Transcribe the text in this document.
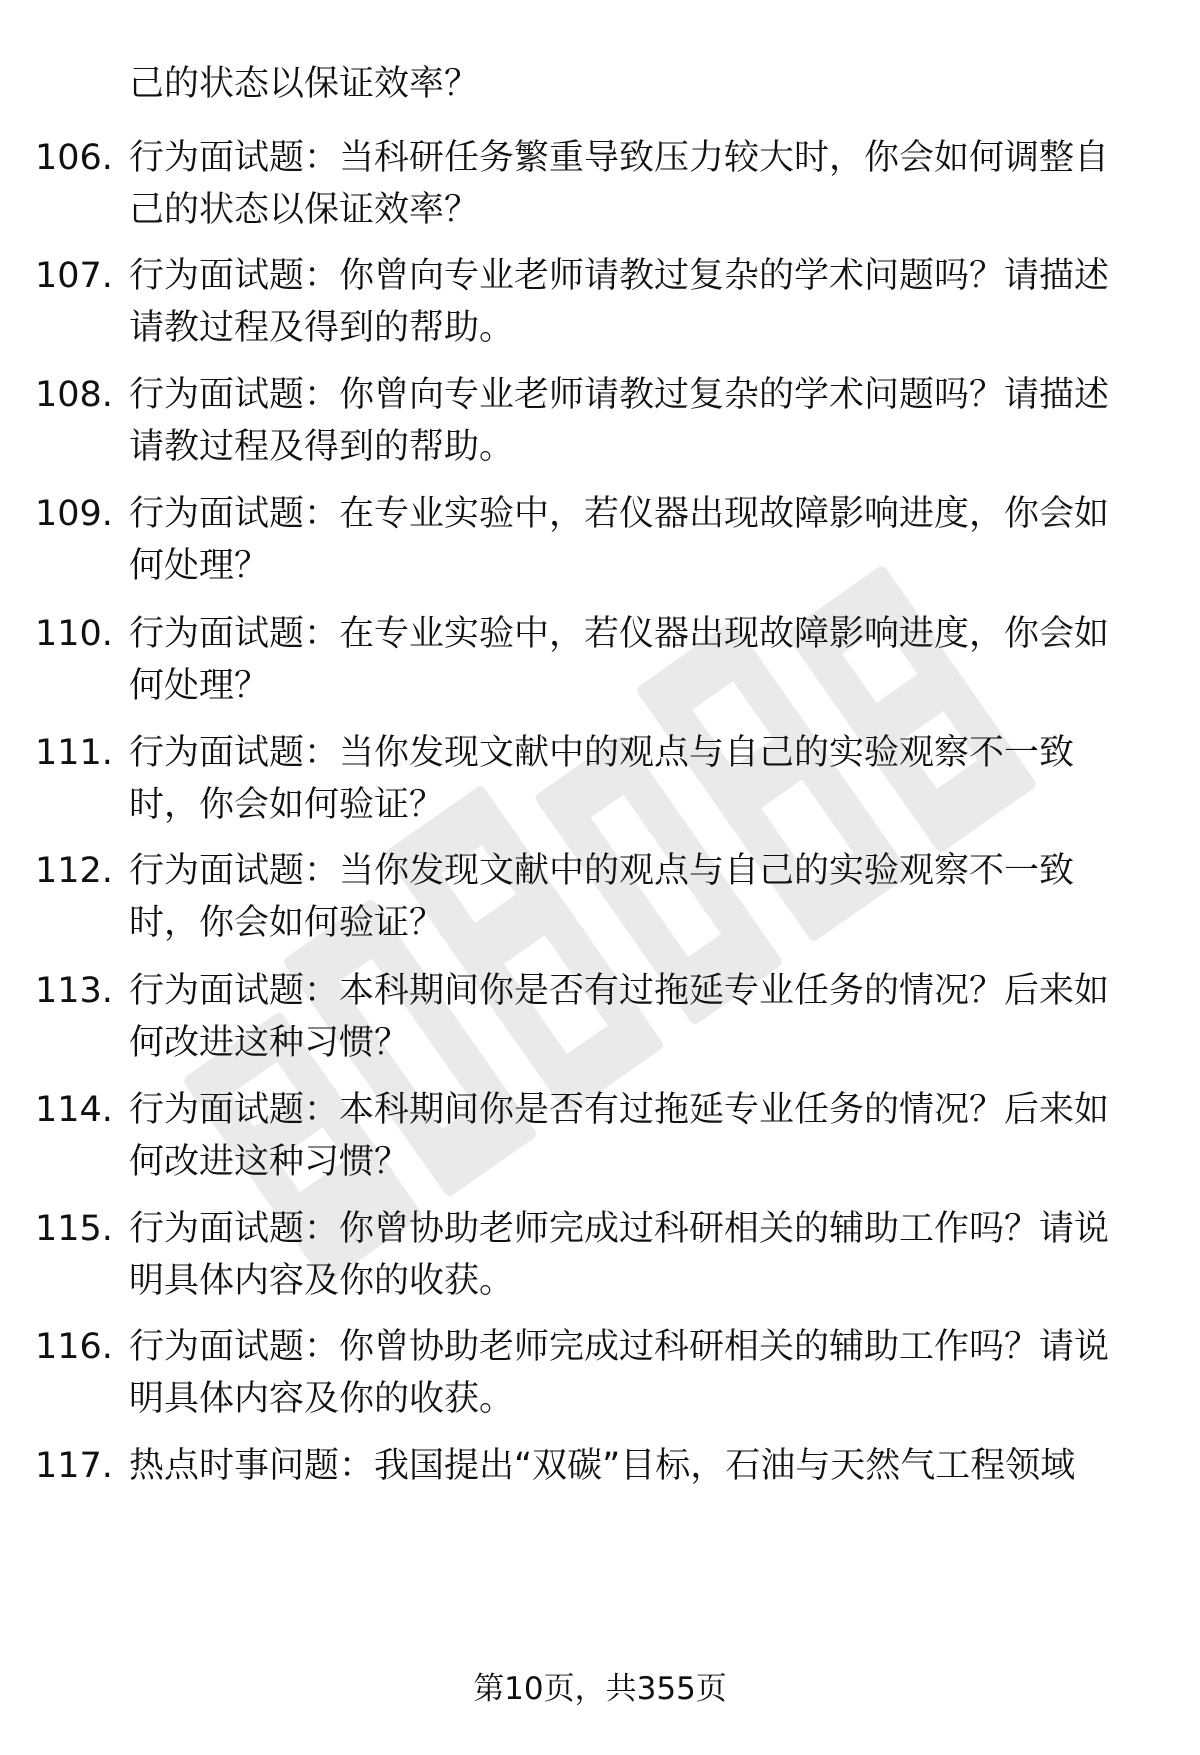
己的状态以保证效率？
106. 行为面试题：当科研任务繁重导致压力较大时，你会如何调整自
己的状态以保证效率？
107. 行为面试题：你曾向专业老师请教过复杂的学术问题吗？请描述
请教过程及得到的帮助。
108. 行为面试题：你曾向专业老师请教过复杂的学术问题吗？请描述
请教过程及得到的帮助。
109. 行为面试题：在专业实验中，若仪器出现故障影响进度，你会如
何处理？
110. 行为面试题：在专业实验中，若仪器出现故障影响进度，你会如
何处理？
111. 行为面试题：当你发现文献中的观点与自己的实验观察不一致
时，你会如何验证？
112. 行为面试题：当你发现文献中的观点与自己的实验观察不一致
时，你会如何验证？
113. 行为面试题：本科期间你是否有过拖延专业任务的情况？后来如
何改进这种习惯？
114. 行为面试题：本科期间你是否有过拖延专业任务的情况？后来如
何改进这种习惯？
115. 行为面试题：你曾协助老师完成过科研相关的辅助工作吗？请说
明具体内容及你的收获。
116. 行为面试题：你曾协助老师完成过科研相关的辅助工作吗？请说
明具体内容及你的收获。
117. 热点时事问题：我国提出“双碳”目标，石油与天然气工程领域
第10页，共355页
